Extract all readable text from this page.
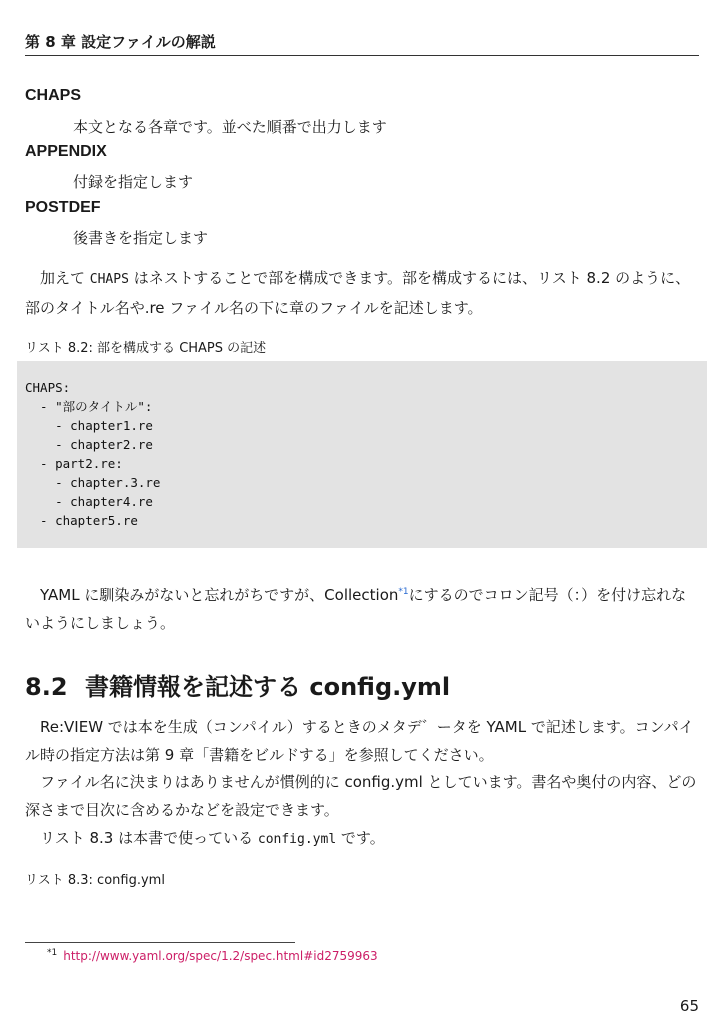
第 8 章 設定ファイルの解説
CHAPS
本文となる各章です。並べた順番で出力します
APPENDIX
付録を指定します
POSTDEF
後書きを指定します
加えて CHAPS はネストすることで部を構成できます。部を構成するには、リスト 8.2 のように、部のタイトル名や.re ファイル名の下に章のファイルを記述します。
リスト 8.2: 部を構成する CHAPS の記述
CHAPS:
- "部のタイトル":
- chapter1.re
- chapter2.re
- part2.re:
- chapter.3.re
- chapter4.re
- chapter5.re
YAML に馴染みがないと忘れがちですが、Collection$^{*1}$にするのでコロン記号（：）を付け忘れないようにしましょう。
8.2 書籍情報を記述する config.yml
Re:VIEW では本を生成（コンパイル）するときのメタデ゛ータを YAML で記述します。コンパイル時の指定方法は第 9 章「書籍をビルドする」を参照してください。
ファイル名に決まりはありませんが慣例的に config.yml としています。書名や奥付の内容、どの深さまで目次に含めるかなどを設定できます。
リスト 8.3 は本書で使っている config.yml です。
リスト 8.3: config.yml
$^{*1}$ http://www.yaml.org/spec/1.2/spec.html#id2759963
65
